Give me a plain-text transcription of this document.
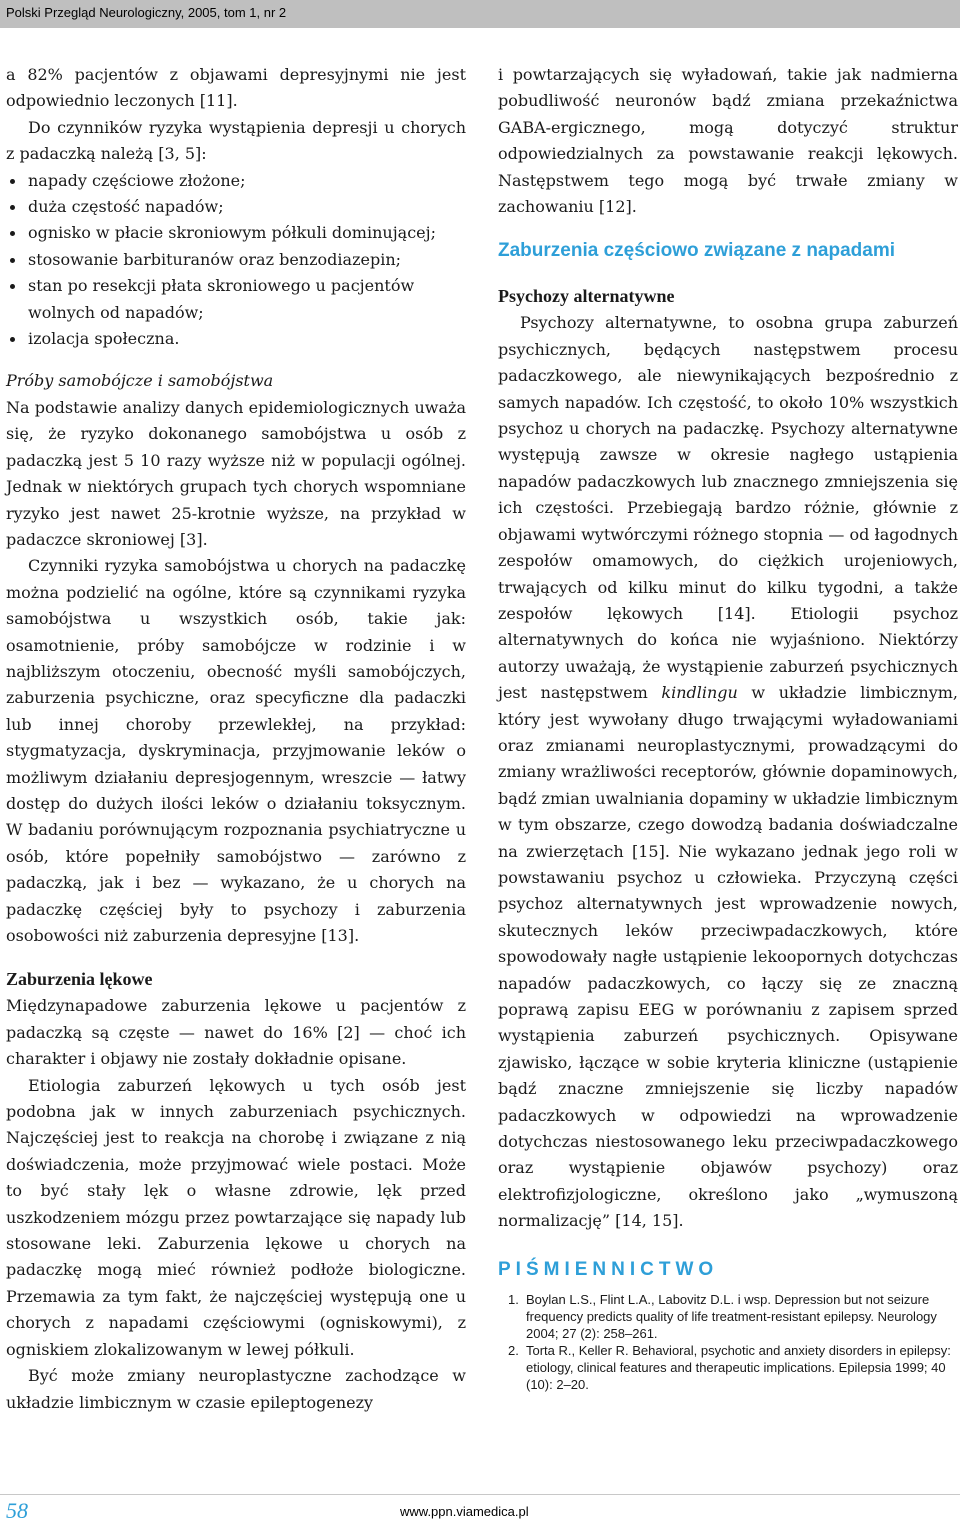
Polski Przegląd Neurologiczny, 2005, tom 1, nr 2

a 82% pacjentów z objawami depresyjnymi nie jest odpowiednio leczonych [11].

Do czynników ryzyka wystąpienia depresji u chorych z padaczką należą [3, 5]:

napady częściowe złożone;
duża częstość napadów;
ognisko w płacie skroniowym półkuli dominującej;
stosowanie barbituranów oraz benzodiazepin;
stan po resekcji płata skroniowego u pacjentów wolnych od napadów;
izolacja społeczna.
Próby samobójcze i samobójstwa

Na podstawie analizy danych epidemiologicznych uważa się, że ryzyko dokonanego samobójstwa u osób z padaczką jest 5 10 razy wyższe niż w populacji ogólnej. Jednak w niektórych grupach tych chorych wspomniane ryzyko jest nawet 25-krotnie wyższe, na przykład w padaczce skroniowej [3].

Czynniki ryzyka samobójstwa u chorych na padaczkę można podzielić na ogólne, które są czynnikami ryzyka samobójstwa u wszystkich osób, takie jak: osamotnienie, próby samobójcze w rodzinie i w najbliższym otoczeniu, obecność myśli samobójczych, zaburzenia psychiczne, oraz specyficzne dla padaczki lub innej choroby przewlekłej, na przykład: stygmatyzacja, dyskryminacja, przyjmowanie leków o możliwym działaniu depresjogennym, wreszcie — łatwy dostęp do dużych ilości leków o działaniu toksycznym. W badaniu porównującym rozpoznania psychiatryczne u osób, które popełniły samobójstwo — zarówno z padaczką, jak i bez — wykazano, że u chorych na padaczkę częściej były to psychozy i zaburzenia osobowości niż zaburzenia depresyjne [13].

Zaburzenia lękowe

Międzynapadowe zaburzenia lękowe u pacjentów z padaczką są częste — nawet do 16% [2] — choć ich charakter i objawy nie zostały dokładnie opisane.

Etiologia zaburzeń lękowych u tych osób jest podobna jak w innych zaburzeniach psychicznych. Najczęściej jest to reakcja na chorobę i związane z nią doświadczenia, może przyjmować wiele postaci. Może to być stały lęk o własne zdrowie, lęk przed uszkodzeniem mózgu przez powtarzające się napady lub stosowane leki. Zaburzenia lękowe u chorych na padaczkę mogą mieć również podłoże biologiczne. Przemawia za tym fakt, że najczęściej występują one u chorych z napadami częściowymi (ogniskowymi), z ogniskiem zlokalizowanym w lewej półkuli.

Być może zmiany neuroplastyczne zachodzące w układzie limbicznym w czasie epileptogenezy

i powtarzających się wyładowań, takie jak nadmierna pobudliwość neuronów bądź zmiana przekaźnictwa GABA-ergicznego, mogą dotyczyć struktur odpowiedzialnych za powstawanie reakcji lękowych. Następstwem tego mogą być trwałe zmiany w zachowaniu [12].

Zaburzenia częściowo związane z napadami
Psychozy alternatywne

Psychozy alternatywne, to osobna grupa zaburzeń psychicznych, będących następstwem procesu padaczkowego, ale niewynikających bezpośrednio z samych napadów. Ich częstość, to około 10% wszystkich psychoz u chorych na padaczkę. Psychozy alternatywne występują zawsze w okresie nagłego ustąpienia napadów padaczkowych lub znacznego zmniejszenia się ich częstości. Przebiegają bardzo różnie, głównie z objawami wytwórczymi różnego stopnia — od łagodnych zespołów omamowych, do ciężkich urojeniowych, trwających od kilku minut do kilku tygodni, a także zespołów lękowych [14]. Etiologii psychoz alternatywnych do końca nie wyjaśniono. Niektórzy autorzy uważają, że wystąpienie zaburzeń psychicznych jest następstwem kindlingu w układzie limbicznym, który jest wywołany długo trwającymi wyładowaniami oraz zmianami neuroplastycznymi, prowadzącymi do zmiany wrażliwości receptorów, głównie dopaminowych, bądź zmian uwalniania dopaminy w układzie limbicznym w tym obszarze, czego dowodzą badania doświadczalne na zwierzętach [15]. Nie wykazano jednak jego roli w powstawaniu psychoz u człowieka. Przyczyną części psychoz alternatywnych jest wprowadzenie nowych, skutecznych leków przeciwpadaczkowych, które spowodowały nagłe ustąpienie lekoopornych dotychczas napadów padaczkowych, co łączy się ze znaczną poprawą zapisu EEG w porównaniu z zapisem sprzed wystąpienia zaburzeń psychicznych. Opisywane zjawisko, łączące w sobie kryteria kliniczne (ustąpienie bądź znaczne zmniejszenie się liczby napadów padaczkowych w odpowiedzi na wprowadzenie dotychczas niestosowanego leku przeciwpadaczkowego oraz wystąpienie objawów psychozy) oraz elektrofizjologiczne, określono jako „wymuszoną normalizację” [14, 15].

PIŚMIENNICTWO
1. Boylan L.S., Flint L.A., Labovitz D.L. i wsp. Depression but not seizure frequency predicts quality of life treatment-resistant epilepsy. Neurology 2004; 27 (2): 258–261.
2. Torta R., Keller R. Behavioral, psychotic and anxiety disorders in epilepsy: etiology, clinical features and therapeutic implications. Epilepsia 1999; 40 (10): 2–20.
58	www.ppn.viamedica.pl
